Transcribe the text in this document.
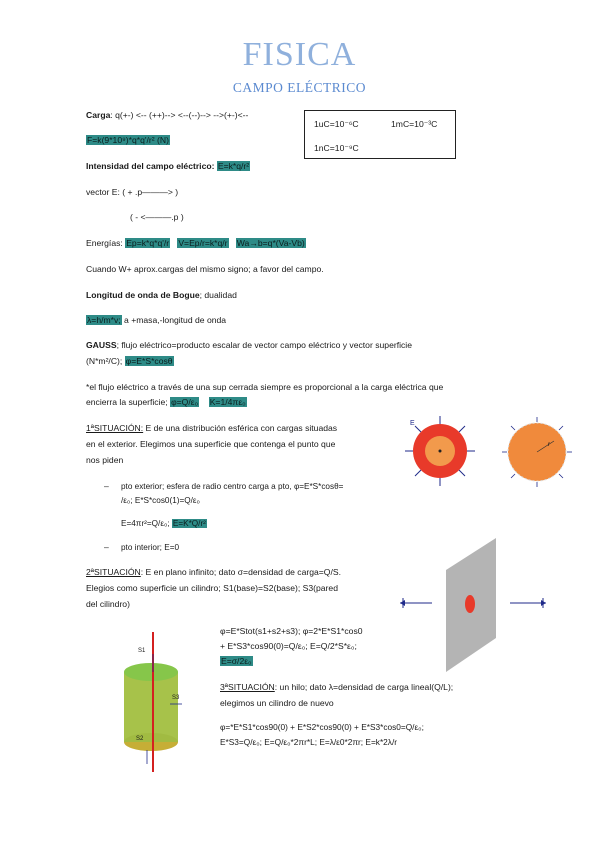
FISICA
CAMPO ELÉCTRICO
Carga: q(+-) <-- (++)--> <--(--)--> -->(+-)<--
F=k(9*10⁹)*q*q'/r² (N)
1uC=10⁻⁶C	1mC=10⁻³C
1nC=10⁻⁹C
Intensidad del campo eléctrico: E=k*q/r²
vector E: ( + .p———> )
( - <———.p )
Energías: Ep=k*q*q'/r V=Ep/r=k*q/r Wa→b=q*(Va-Vb)
Cuando W+ aprox.cargas del mismo signo; a favor del campo.
Longitud de onda de Bogue; dualidad
λ=h/m*v; a +masa,-longitud de onda
GAUSS; flujo eléctrico=producto escalar de vector campo eléctrico y vector superficie
(N*m²/C); φ=E*S*cosθ
*el flujo eléctrico a través de una sup cerrada siempre es proporcional a la carga eléctrica que
encierra la superficie; φ=Q/ε₀ K=1/4πε₀
1ªSITUACIÓN: E de una distribución esférica con cargas situadas
en el exterior. Elegimos una superficie que contenga el punto que
nos piden
– pto exterior; esfera de radio centro carga a pto, φ=E*S*cosθ=
/ε₀; E*S*cos0(1)=Q/ε₀
E=4πr²=Q/ε₀; E=K*Q/r²
– pto interior; E=0
2ªSITUACIÓN: E en plano infinito; dato σ=densidad de carga=Q/S.
Elegios como superficie un cilindro; S1(base)=S2(base); S3(pared
del cilindro)
φ=E*Stot(s1+s2+s3); φ=2*E*S1*cos0
+ E*S3*cos90(0)=Q/ε₀; E=Q/2*S*ε₀;
E=σ/2ε₀
3ªSITUACIÓN: un hilo; dato λ=densidad de carga lineal(Q/L);
elegimos un cilindro de nuevo
φ=*E*S1*cos90(0) + E*S2*cos90(0) + E*S3*cos0=Q/ε₀;
E*S3=Q/ε₀; E=Q/ε₀*2πr*L; E=λ/ε0*2πr; E=k*2λ/r
E
r
S1
S3
S2
